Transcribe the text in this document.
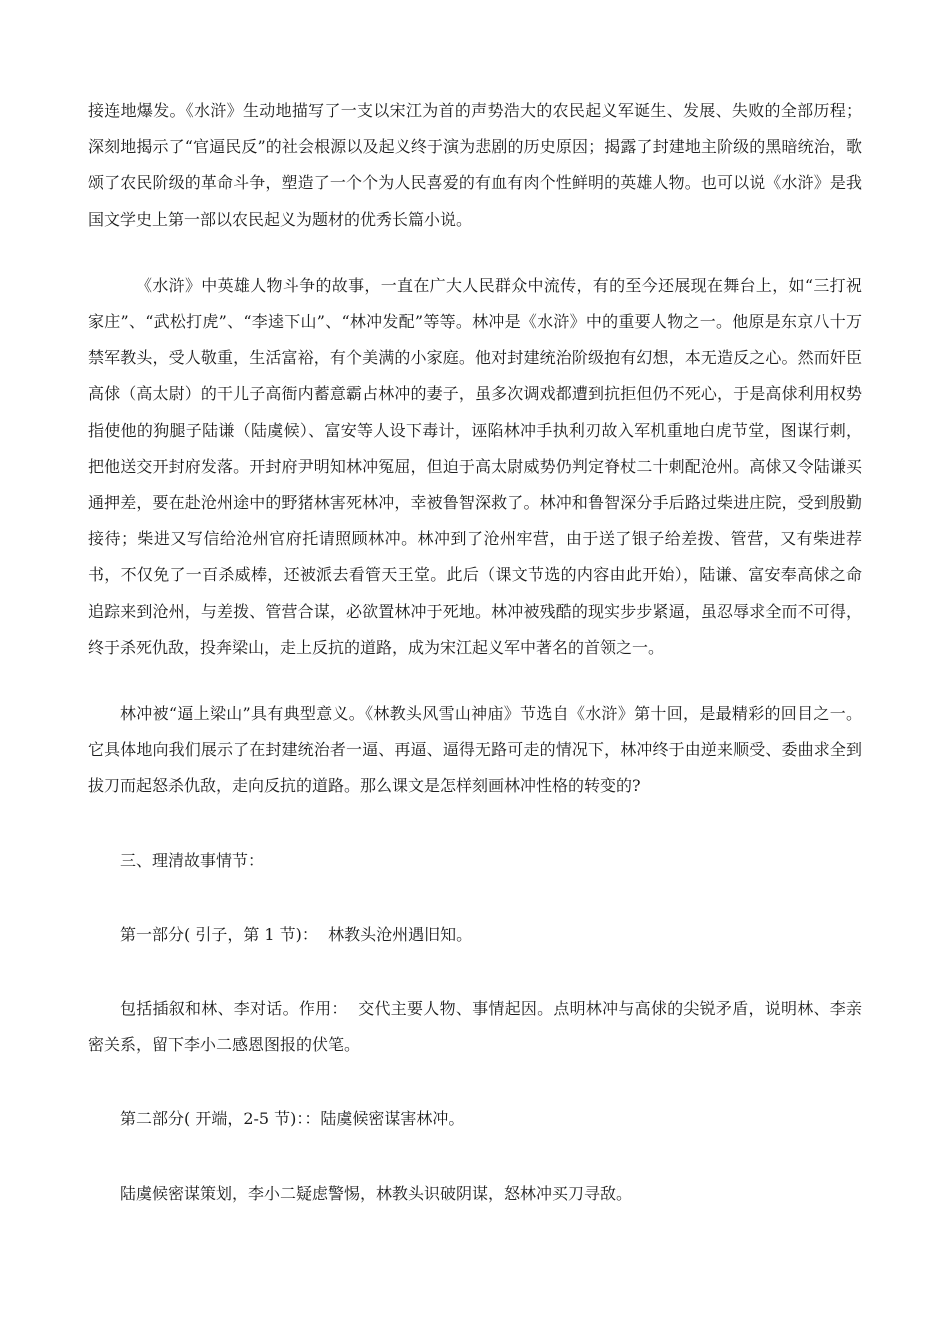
接连地爆发。《水浒》生动地描写了一支以宋江为首的声势浩大的农民起义军诞生、发展、失败的全部历程；深刻地揭示了“官逼民反”的社会根源以及起义终于演为悲剧的历史原因；揭露了封建地主阶级的黑暗统治，歌颂了农民阶级的革命斗争，塑造了一个个为人民喜爱的有血有肉个性鲜明的英雄人物。也可以说《水浒》是我国文学史上第一部以农民起义为题材的优秀长篇小说。

《水浒》中英雄人物斗争的故事，一直在广大人民群众中流传，有的至今还展现在舞台上，如“三打祝家庄”、“武松打虎”、“李逵下山”、“林冲发配”等等。林冲是《水浒》中的重要人物之一。他原是东京八十万禁军教头，受人敬重，生活富裕，有个美满的小家庭。他对封建统治阶级抱有幻想，本无造反之心。然而奸臣高俅（高太尉）的干儿子高衙内蓄意霸占林冲的妻子，虽多次调戏都遭到抗拒但仍不死心，于是高俅利用权势指使他的狗腿子陆谦（陆虞候）、富安等人设下毒计，诬陷林冲手执利刃故入军机重地白虎节堂，图谋行刺，把他送交开封府发落。开封府尹明知林冲冤屈，但迫于高太尉威势仍判定脊杖二十刺配沧州。高俅又令陆谦买通押差，要在赴沧州途中的野猪林害死林冲，幸被鲁智深救了。林冲和鲁智深分手后路过柴进庄院，受到殷勤接待；柴进又写信给沧州官府托请照顾林冲。林冲到了沧州牢营，由于送了银子给差拨、管营，又有柴进荐书，不仅免了一百杀威棒，还被派去看管天王堂。此后（课文节选的内容由此开始），陆谦、富安奉高俅之命追踪来到沧州，与差拨、管营合谋，必欲置林冲于死地。林冲被残酷的现实步步紧逼，虽忍辱求全而不可得，终于杀死仇敌，投奔梁山，走上反抗的道路，成为宋江起义军中著名的首领之一。

林冲被“逼上梁山”具有典型意义。《林教头风雪山神庙》节选自《水浒》第十回，是最精彩的回目之一。它具体地向我们展示了在封建统治者一逼、再逼、逼得无路可走的情况下，林冲终于由逆来顺受、委曲求全到拔刀而起怒杀仇敌，走向反抗的道路。那么课文是怎样刻画林冲性格的转变的?

三、理清故事情节：

第一部分( 引子，第 1 节)：  林教头沧州遇旧知。

包括插叙和林、李对话。作用：  交代主要人物、事情起因。点明林冲与高俅的尖锐矛盾，说明林、李亲密关系，留下李小二感恩图报的伏笔。

第二部分( 开端，2-5 节)：：陆虞候密谋害林冲。

陆虞候密谋策划，李小二疑虑警惕，林教头识破阴谋，怒林冲买刀寻敌。
